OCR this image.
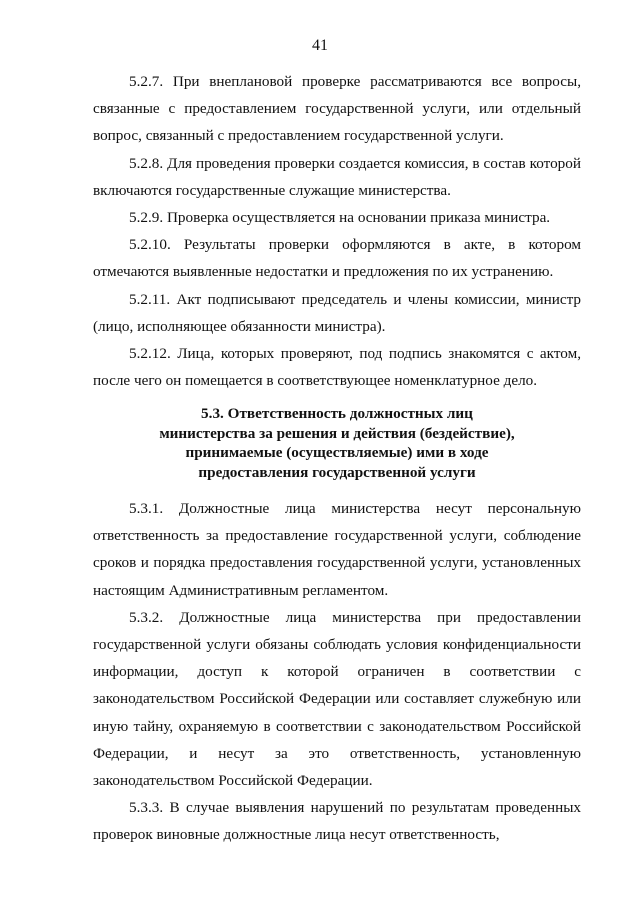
41

5.2.7. При внеплановой проверке рассматриваются все вопросы, связанные с предоставлением государственной услуги, или отдельный вопрос, связанный с предоставлением государственной услуги.

5.2.8. Для проведения проверки создается комиссия, в состав которой включаются государственные служащие министерства.

5.2.9. Проверка осуществляется на основании приказа министра.

5.2.10. Результаты проверки оформляются в акте, в котором отмечаются выявленные недостатки и предложения по их устранению.

5.2.11. Акт подписывают председатель и члены комиссии, министр (лицо, исполняющее обязанности министра).

5.2.12. Лица, которых проверяют, под подпись знакомятся с актом, после чего он помещается в соответствующее номенклатурное дело.

5.3. Ответственность должностных лиц
министерства за решения и действия (бездействие),
принимаемые (осуществляемые) ими в ходе
предоставления государственной услуги

5.3.1. Должностные лица министерства несут персональную ответственность за предоставление государственной услуги, соблюдение сроков и порядка предоставления государственной услуги, установленных настоящим Административным регламентом.

5.3.2. Должностные лица министерства при предоставлении государственной услуги обязаны соблюдать условия конфиденциальности информации, доступ к которой ограничен в соответствии с законодательством Российской Федерации или составляет служебную или иную тайну, охраняемую в соответствии с законодательством Российской Федерации, и несут за это ответственность, установленную законодательством Российской Федерации.

5.3.3. В случае выявления нарушений по результатам проведенных проверок виновные должностные лица несут ответственность,
